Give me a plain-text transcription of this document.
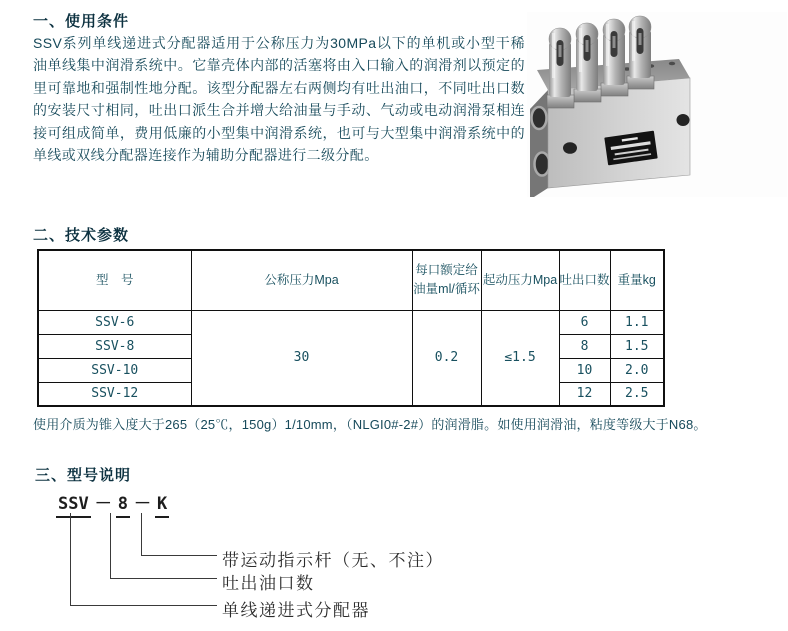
一、使用条件
SSV系列单线递进式分配器适用于公称压力为30MPa以下的单机或小型干稀油单线集中润滑系统中。它靠壳体内部的活塞将由入口输入的润滑剂以预定的里可靠地和强制性地分配。该型分配器左右两侧均有吐出油口，不同吐出口数的安装尺寸相同，吐出口派生合并增大给油量与手动、气动或电动润滑泵相连接可组成简单，费用低廉的小型集中润滑系统，也可与大型集中润滑系统中的单线或双线分配器连接作为辅助分配器进行二级分配。
二、技术参数
型　号	公称压力Mpa	每口额定给油量ml/循环	起动压力Mpa	吐出口数	重量kg
SSV-6	30	0.2	≤1.5	6	1.1
SSV-8				8	1.5
SSV-10				10	2.0
SSV-12				12	2.5
使用介质为锥入度大于265（25℃，150g）1/10mm，（NLGI0#-2#）的润滑脂。如使用润滑油，粘度等级大于N68。
三、型号说明
SSV － 8 － K
带运动指示杆（无、不注）
吐出油口数
单线递进式分配器
